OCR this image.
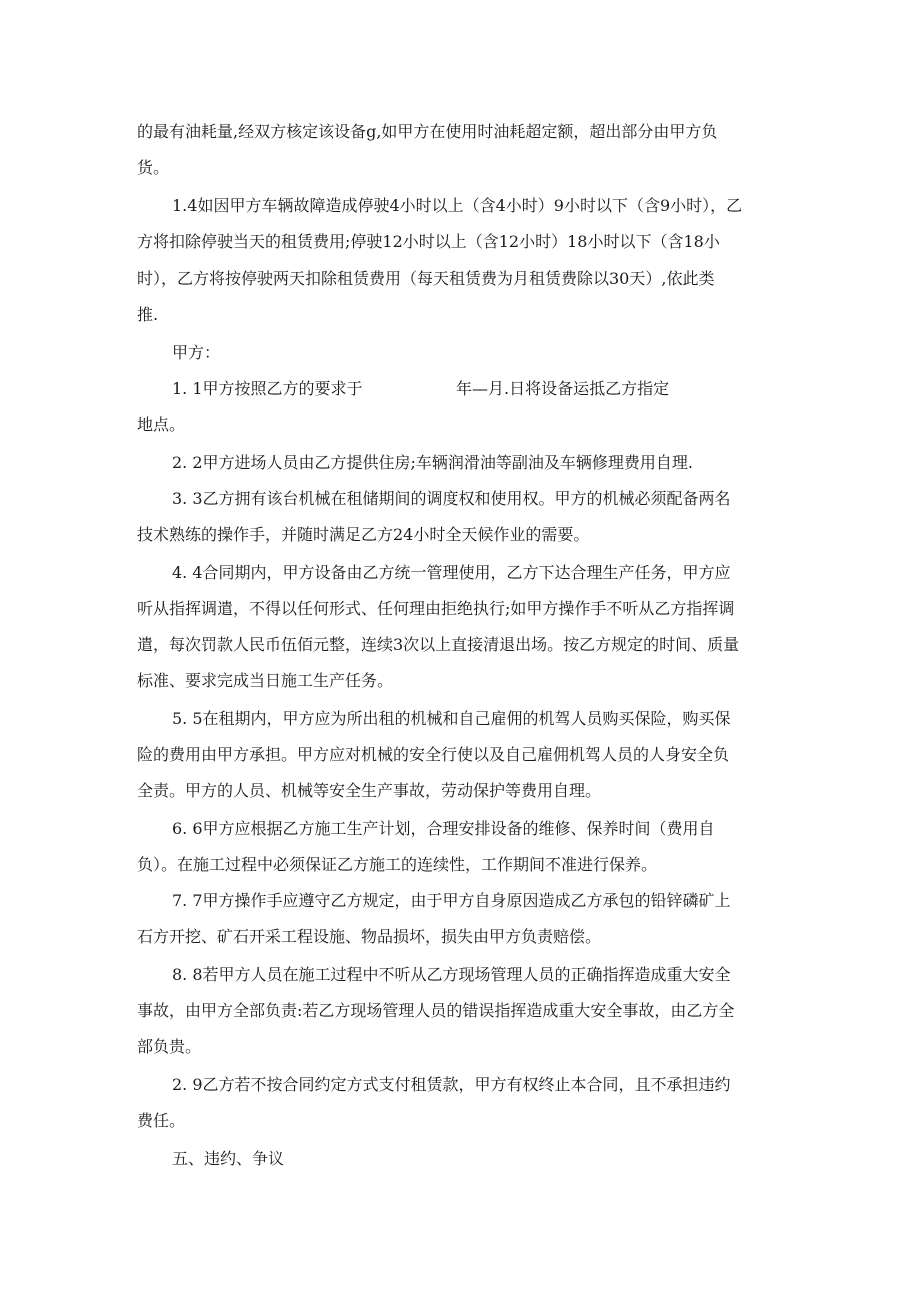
的最有油耗量,经双方核定该设备g,如甲方在使用时油耗超定额，超出部分由甲方负
货。
1.4如因甲方车辆故障造成停驶4小时以上（含4小时）9小时以下（含9小时），乙
方将扣除停驶当天的租赁费用;停驶12小时以上（含12小时）18小时以下（含18小
时），乙方将按停驶两天扣除租赁费用（每天租赁费为月租赁费除以30天）,依此类
推.
甲方：
1. 1甲方按照乙方的要求于	年—月.日将设备运抵乙方指定
地点。
2. 2甲方进场人员由乙方提供住房;车辆润滑油等副油及车辆修理费用自理.
3. 3乙方拥有该台机械在租储期间的调度权和使用权。甲方的机械必须配备两名
技术熟练的操作手，并随时满足乙方24小时全天候作业的需要。
4. 4合同期内，甲方设备由乙方统一管理使用，乙方下达合理生产任务，甲方应
听从指挥调遣，不得以任何形式、任何理由拒绝执行;如甲方操作手不听从乙方指挥调
遣，每次罚款人民币伍佰元整，连续3次以上直接清退出场。按乙方规定的时间、质量
标准、要求完成当日施工生产任务。
5. 5在租期内，甲方应为所出租的机械和自己雇佣的机驾人员购买保险，购买保
险的费用由甲方承担。甲方应对机械的安全行使以及自己雇佣机驾人员的人身安全负
全责。甲方的人员、机械等安全生产事故，劳动保护等费用自理。
6. 6甲方应根据乙方施工生产计划，合理安排设备的维修、保养时间（费用自
负）。在施工过程中必须保证乙方施工的连续性，工作期间不准进行保养。
7. 7甲方操作手应遵守乙方规定，由于甲方自身原因造成乙方承包的铅锌磷矿上
石方开挖、矿石开采工程设施、物品损坏，损失由甲方负责赔偿。
8. 8若甲方人员在施工过程中不听从乙方现场管理人员的正确指挥造成重大安全
事故，由甲方全部负责:若乙方现场管理人员的错误指挥造成重大安全事故，由乙方全
部负贵。
2. 9乙方若不按合同约定方式支付租赁款，甲方有权终止本合同，且不承担违约
费任。
五、违约、争议
